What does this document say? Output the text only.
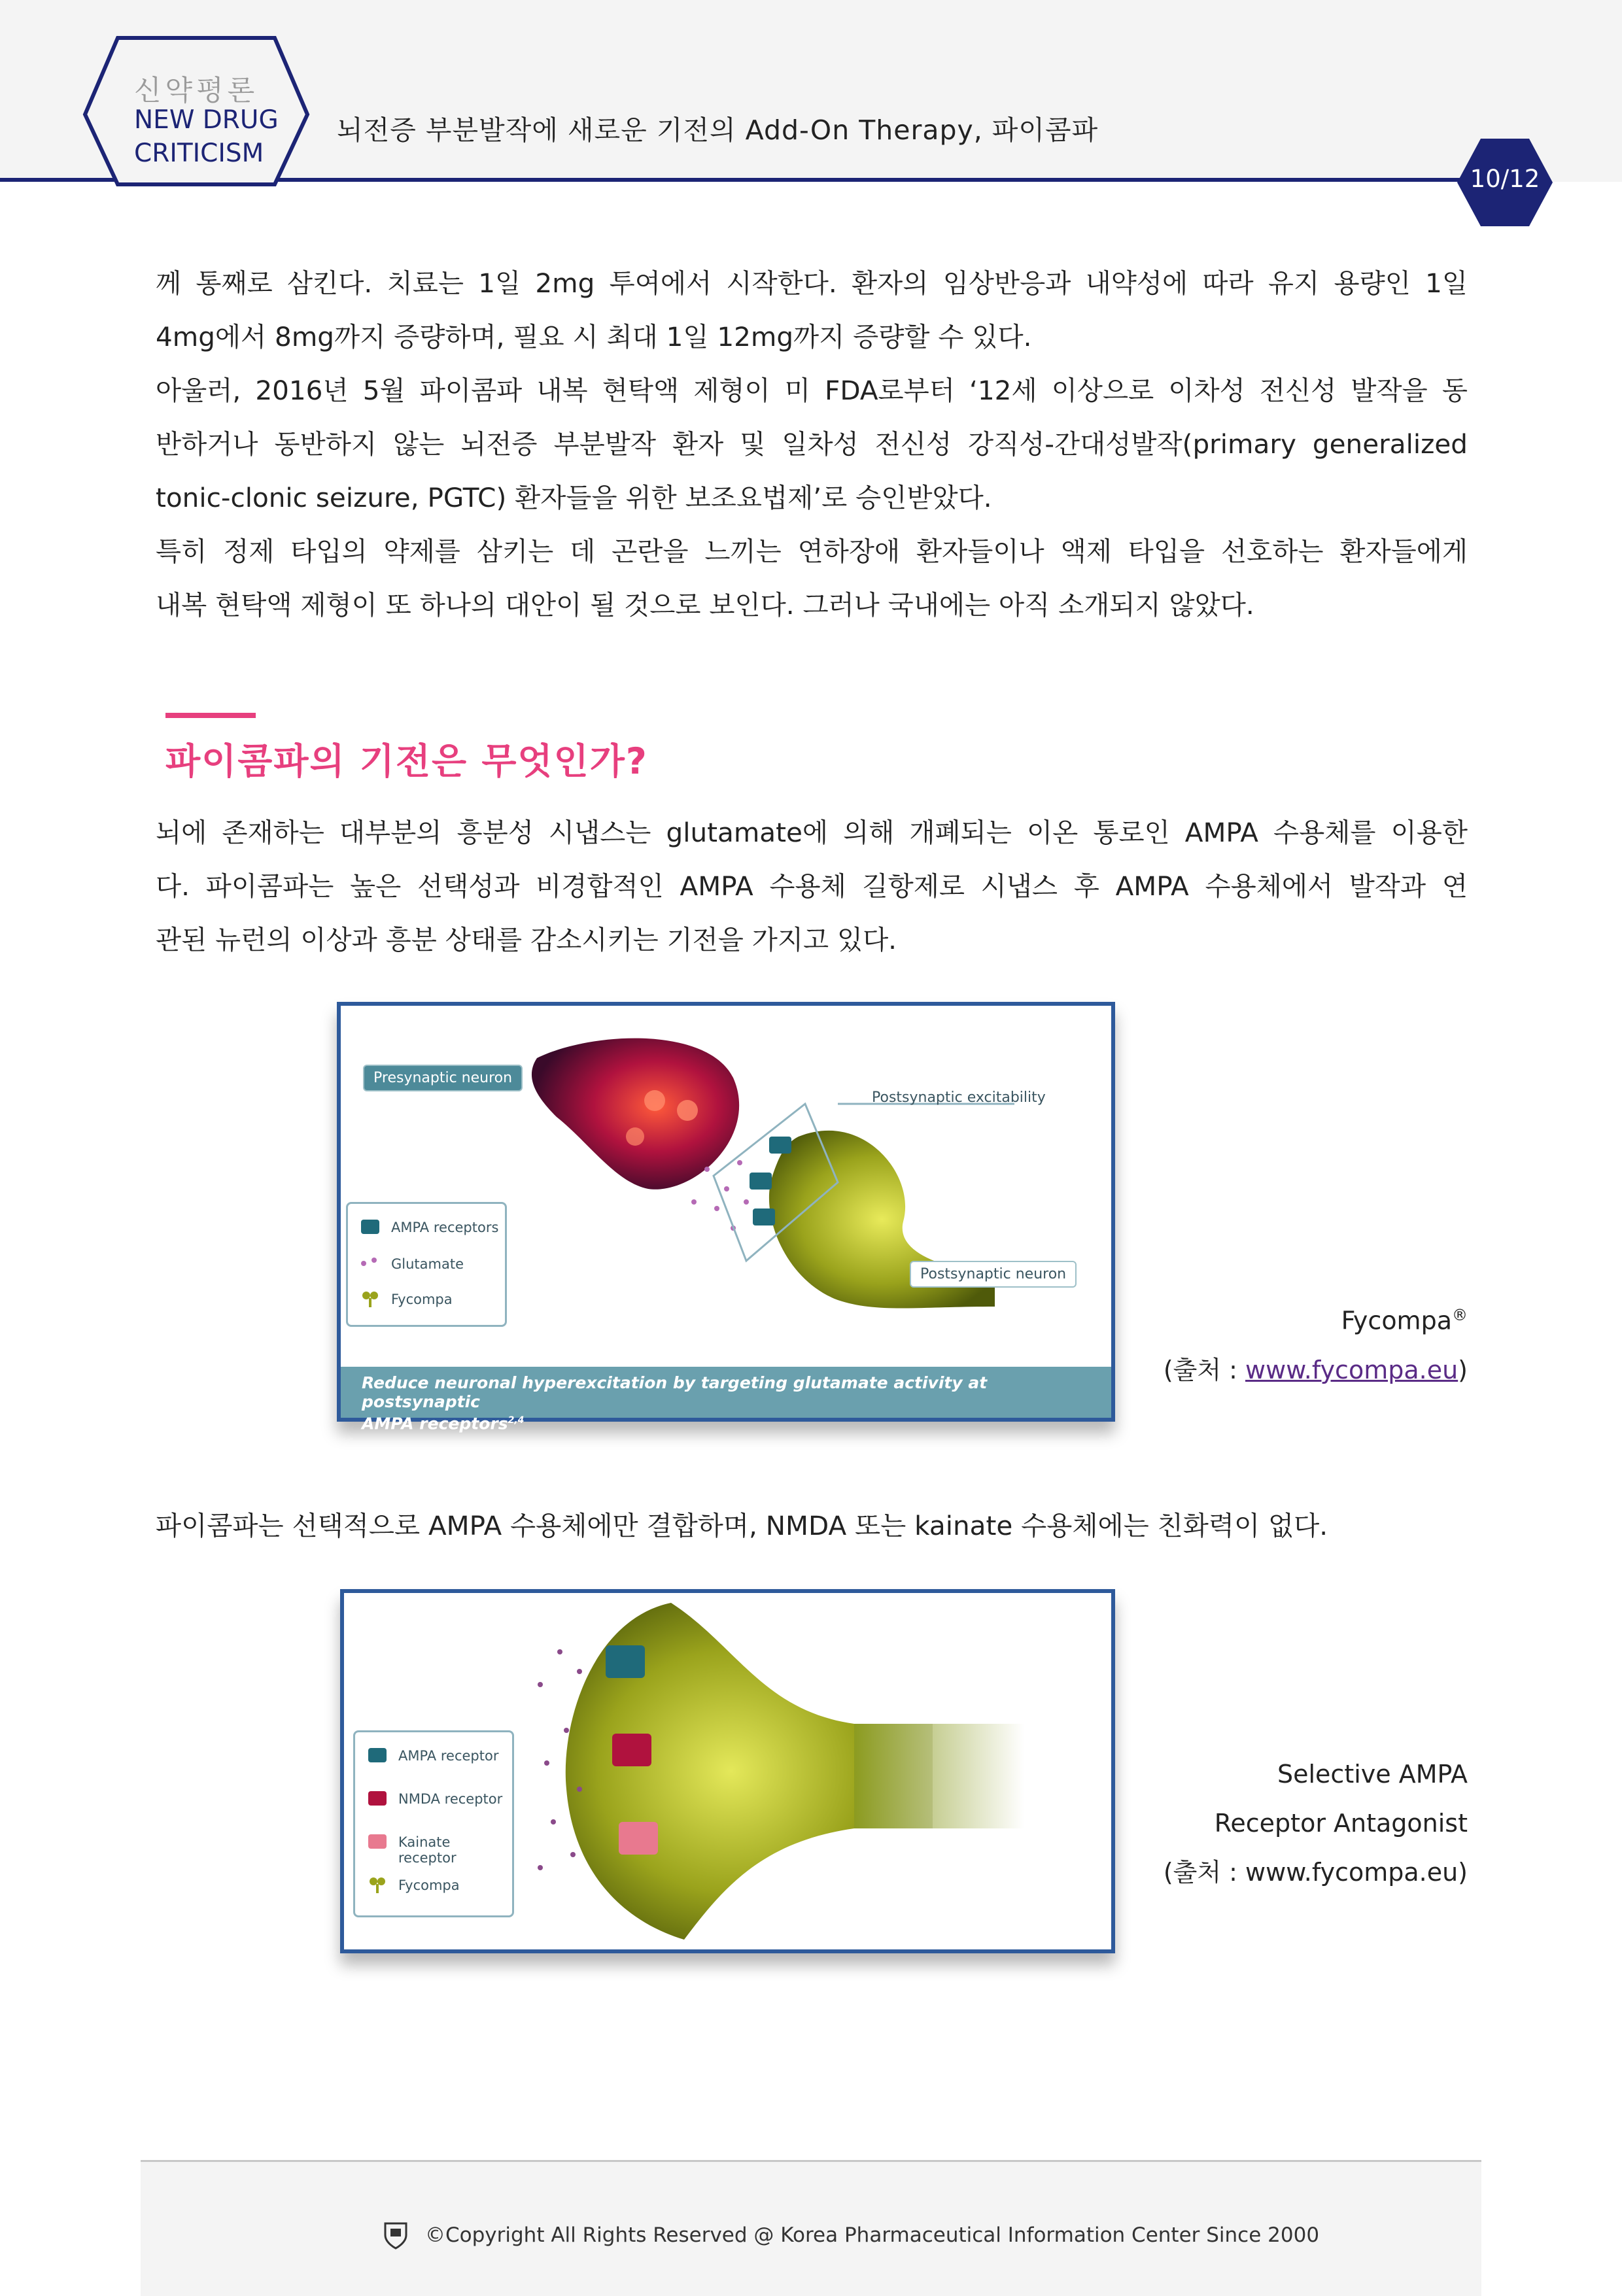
신약평론
NEW DRUG
CRITICISM
뇌전증 부분발작에 새로운 기전의 Add-On Therapy, 파이콤파
10/12
께 통째로 삼킨다. 치료는 1일 2mg 투여에서 시작한다. 환자의 임상반응과 내약성에 따라 유지 용량인 1일
4mg에서 8mg까지 증량하며, 필요 시 최대 1일 12mg까지 증량할 수 있다.
아울러, 2016년 5월 파이콤파 내복 현탁액 제형이 미 FDA로부터 ‘12세 이상으로 이차성 전신성 발작을 동
반하거나 동반하지 않는 뇌전증 부분발작 환자 및 일차성 전신성 강직성-간대성발작(primary generalized
tonic-clonic seizure, PGTC) 환자들을 위한 보조요법제’로 승인받았다.
특히 정제 타입의 약제를 삼키는 데 곤란을 느끼는 연하장애 환자들이나 액제 타입을 선호하는 환자들에게
내복 현탁액 제형이 또 하나의 대안이 될 것으로 보인다. 그러나 국내에는 아직 소개되지 않았다.
파이콤파의 기전은 무엇인가?
뇌에 존재하는 대부분의 흥분성 시냅스는 glutamate에 의해 개폐되는 이온 통로인 AMPA 수용체를 이용한
다. 파이콤파는 높은 선택성과 비경합적인 AMPA 수용체 길항제로 시냅스 후 AMPA 수용체에서 발작과 연
관된 뉴런의 이상과 흥분 상태를 감소시키는 기전을 가지고 있다.
Presynaptic neuron
Postsynaptic excitability
Postsynaptic neuron
AMPA receptors
Glutamate
Fycompa
Reduce neuronal hyperexcitation by targeting glutamate activity at postsynaptic
AMPA receptors$^{2,4}$
Fycompa®
(출처 : www.fycompa.eu)
파이콤파는 선택적으로 AMPA 수용체에만 결합하며, NMDA 또는 kainate 수용체에는 친화력이 없다.
AMPA receptor
NMDA receptor
Kainate receptor
Fycompa
Selective AMPA
Receptor Antagonist
(출처 : www.fycompa.eu)
©Copyright All Rights Reserved @ Korea Pharmaceutical Information Center Since 2000
